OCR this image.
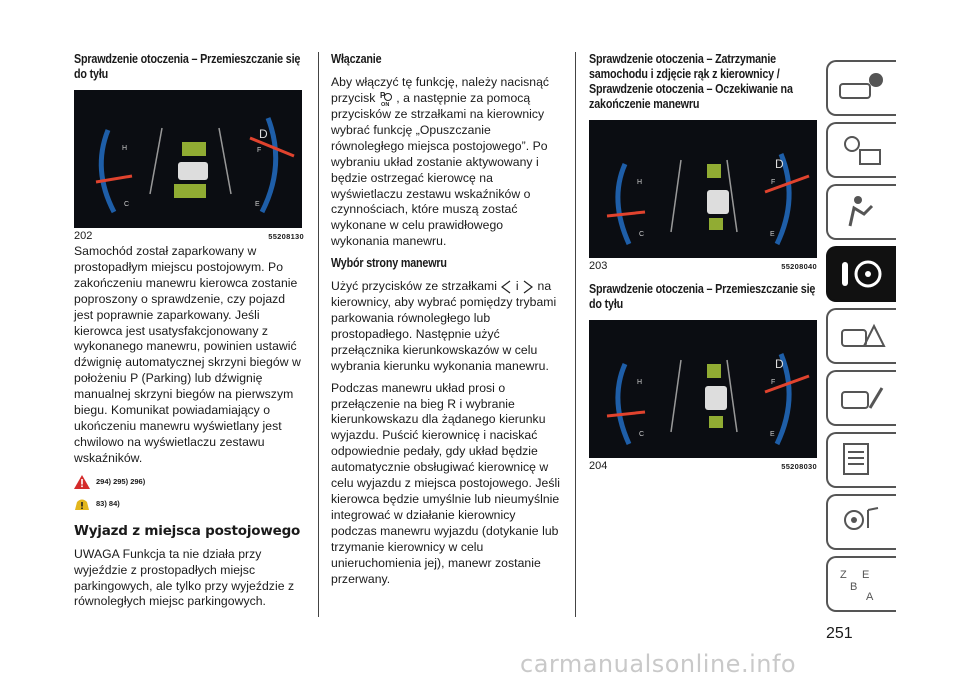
Sprawdzenie otoczenia – Przemieszczanie się do tyłu
H
C
F
E
D
202	55208130

Samochód został zaparkowany w prostopadłym miejscu postojowym. Po zakończeniu manewru kierowca zostanie poproszony o sprawdzenie, czy pojazd jest poprawnie zaparkowany. Jeśli kierowca jest usatysfakcjonowany z wykonanego manewru, powinien ustawić dźwignię automatycznej skrzyni biegów w położeniu P (Parking) lub dźwignię manualnej skrzyni biegów na pierwszym biegu. Komunikat powiadamiający o ukończeniu manewru wyświetlany jest chwilowo na wyświetlaczu zestawu wskaźników.

294) 295) 296)
83) 84)
Wyjazd z miejsca postojowego

UWAGA Funkcja ta nie działa przy wyjeździe z prostopadłych miejsc parkingowych, ale tylko przy wyjeździe z równoległych miejsc parkingowych.

Włączanie

Aby włączyć tę funkcję, należy nacisnąć przycisk P
ON , a następnie za pomocą przycisków ze strzałkami na kierownicy wybrać funkcję „Opuszczanie równoległego miejsca postojowego”. Po wybraniu układ zostanie aktywowany i będzie ostrzegać kierowcę na wyświetlaczu zestawu wskaźników o czynnościach, które muszą zostać wykonane w celu prawidłowego wykonania manewru.

Wybór strony manewru

Użyć przycisków ze strzałkami i na kierownicy, aby wybrać pomiędzy trybami parkowania równoległego lub prostopadłego. Następnie użyć przełącznika kierunkowskazów w celu wybrania kierunku wykonania manewru.

Podczas manewru układ prosi o przełączenie na bieg R i wybranie kierunkowskazu dla żądanego kierunku wyjazdu. Puścić kierownicę i naciskać odpowiednie pedały, gdy układ będzie automatycznie obsługiwać kierownicę w celu wyjazdu z miejsca postojowego. Jeśli kierowca będzie umyślnie lub nieumyślnie integrować w działanie kierownicy podczas manewru wyjazdu (dotykanie lub trzymanie kierownicy w celu unieruchomienia jej), manewr zostanie przerwany.

Sprawdzenie otoczenia – Zatrzymanie samochodu i zdjęcie rąk z kierownicy / Sprawdzenie otoczenia – Oczekiwanie na zakończenie manewru
H
C
F
E
D
203	55208040
Sprawdzenie otoczenia – Przemieszczanie się do tyłu
H
C
F
E
D
204	55208030
Z E
B
A
251
carmanualsonline.info
